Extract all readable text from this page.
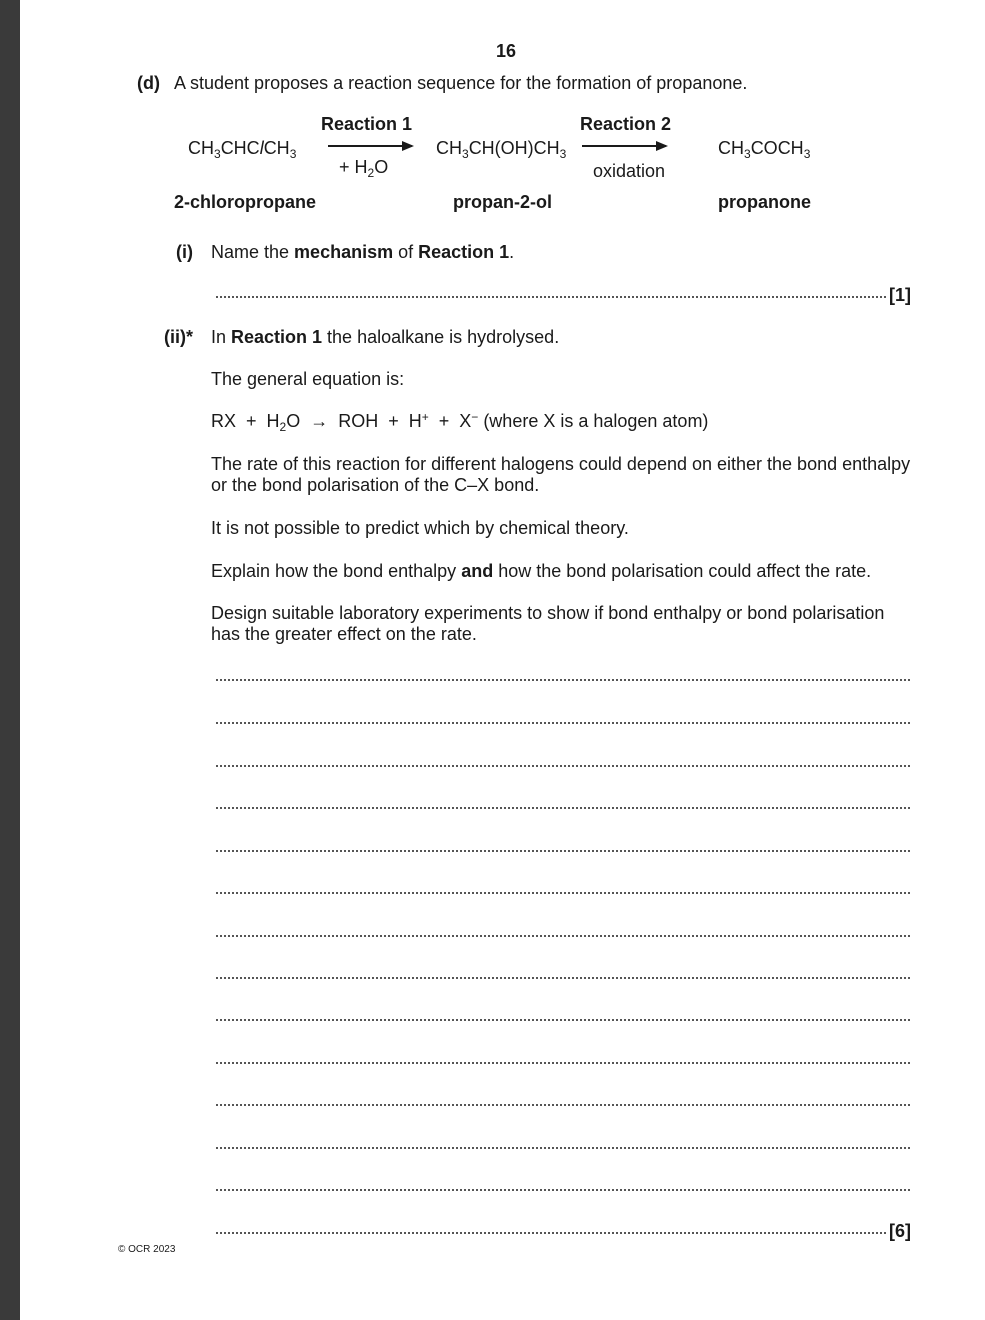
16
(d) A student proposes a reaction sequence for the formation of propanone.
Reaction 1
+ $H_2O$
Reaction 2
oxidation
$CH_3CHClCH_3$	$CH_3CH(OH)CH_3$	$CH_3COCH_3$
2-chloropropane	propan-2-ol	propanone
(i) Name the mechanism of Reaction 1.
[1]
(ii)* In Reaction 1 the haloalkane is hydrolysed.
The general equation is:
RX  +  $H_2O$  →  ROH  +  H+  +  X− (where X is a halogen atom)
The rate of this reaction for different halogens could depend on either the bond enthalpy or the bond polarisation of the C–X bond.
It is not possible to predict which by chemical theory.
Explain how the bond enthalpy and how the bond polarisation could affect the rate.
Design suitable laboratory experiments to show if bond enthalpy or bond polarisation has the greater effect on the rate.
[6]
© OCR 2023
